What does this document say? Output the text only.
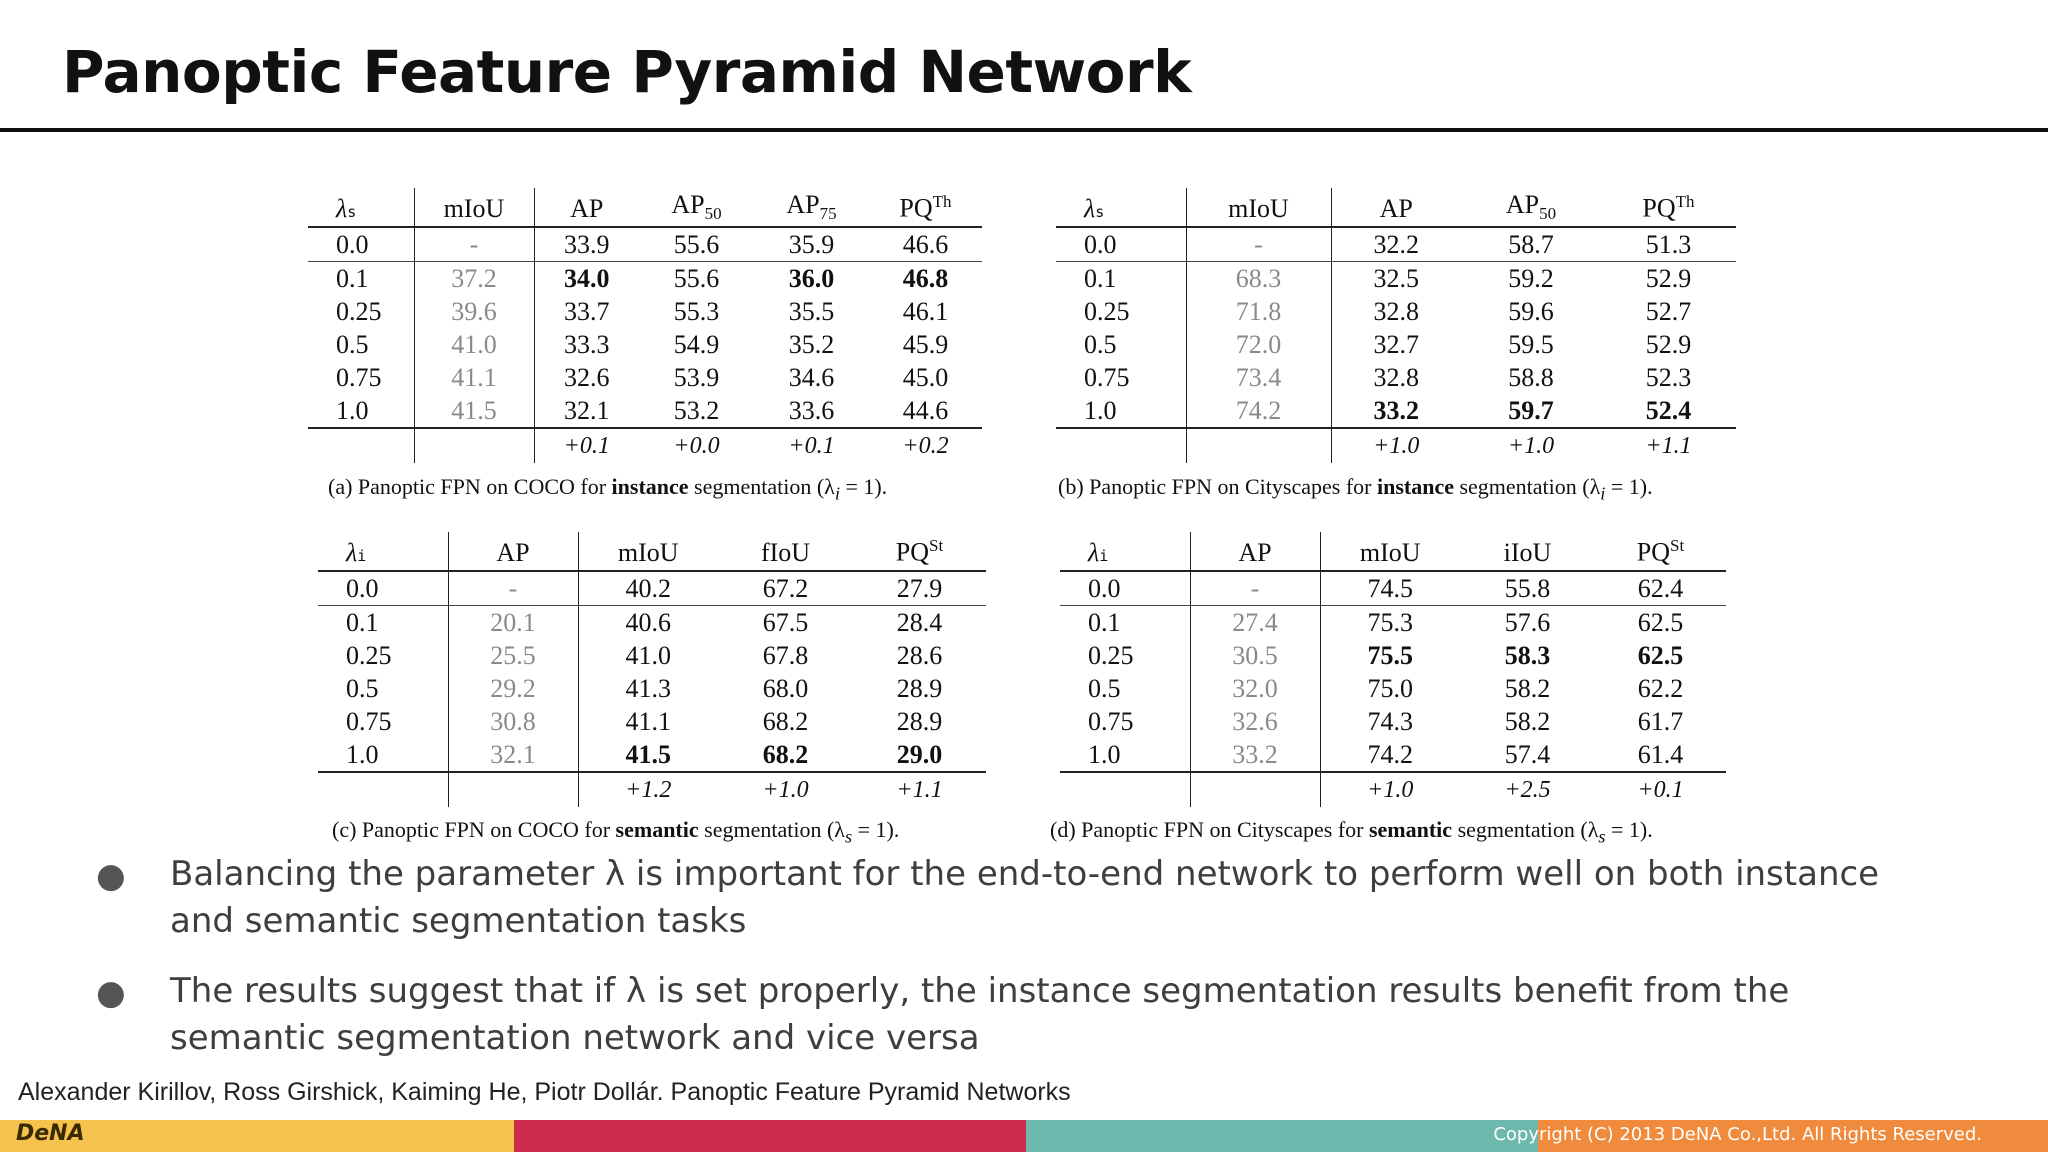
Panoptic Feature Pyramid Network
λs	mIoU	AP	$AP_{50}$	$AP_{75}$	$PQ^{Th}$
0.0	-	33.9	55.6	35.9	46.6
0.1	37.2	34.0	55.6	36.0	46.8
0.25	39.6	33.7	55.3	35.5	46.1
0.5	41.0	33.3	54.9	35.2	45.9
0.75	41.1	32.6	53.9	34.6	45.0
1.0	41.5	32.1	53.2	33.6	44.6
		+0.1	+0.0	+0.1	+0.2
(a) Panoptic FPN on COCO for instance segmentation $(\lambda_i = 1)$.
λs	mIoU	AP	$AP_{50}$	$PQ^{Th}$
0.0	-	32.2	58.7	51.3
0.1	68.3	32.5	59.2	52.9
0.25	71.8	32.8	59.6	52.7
0.5	72.0	32.7	59.5	52.9
0.75	73.4	32.8	58.8	52.3
1.0	74.2	33.2	59.7	52.4
		+1.0	+1.0	+1.1
(b) Panoptic FPN on Cityscapes for instance segmentation $(\lambda_i = 1)$.
λi	AP	mIoU	fIoU	$PQ^{St}$
0.0	-	40.2	67.2	27.9
0.1	20.1	40.6	67.5	28.4
0.25	25.5	41.0	67.8	28.6
0.5	29.2	41.3	68.0	28.9
0.75	30.8	41.1	68.2	28.9
1.0	32.1	41.5	68.2	29.0
		+1.2	+1.0	+1.1
(c) Panoptic FPN on COCO for semantic segmentation $(\lambda_s = 1)$.
λi	AP	mIoU	iIoU	$PQ^{St}$
0.0	-	74.5	55.8	62.4
0.1	27.4	75.3	57.6	62.5
0.25	30.5	75.5	58.3	62.5
0.5	32.0	75.0	58.2	62.2
0.75	32.6	74.3	58.2	61.7
1.0	33.2	74.2	57.4	61.4
		+1.0	+2.5	+0.1
(d) Panoptic FPN on Cityscapes for semantic segmentation $(\lambda_s = 1)$.
● Balancing the parameter λ is important for the end-to-end network to perform well on both instance and semantic segmentation tasks
● The results suggest that if λ is set properly, the instance segmentation results benefit from the semantic segmentation network and vice versa
Alexander Kirillov, Ross Girshick, Kaiming He, Piotr Dollár. Panoptic Feature Pyramid Networks
DeNA	Copyright (C) 2013 DeNA Co.,Ltd. All Rights Reserved.
